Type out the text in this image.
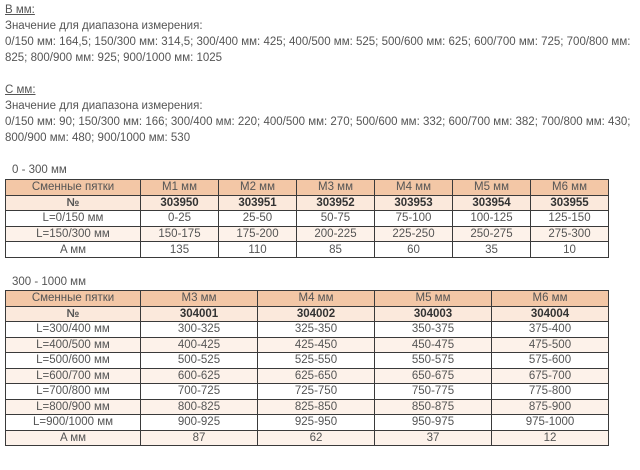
В мм:
Значение для диапазона измерения:
0/150 мм: 164,5; 150/300 мм: 314,5; 300/400 мм: 425; 400/500 мм: 525; 500/600 мм: 625; 600/700 мм: 725; 700/800 мм:
825; 800/900 мм: 925; 900/1000 мм: 1025
С мм:
Значение для диапазона измерения:
0/150 мм: 90; 150/300 мм: 166; 300/400 мм: 220; 400/500 мм: 270; 500/600 мм: 332; 600/700 мм: 382; 700/800 мм: 430;
800/900 мм: 480; 900/1000 мм: 530
0 - 300 мм
Сменные пятки	M1 мм	M2 мм	M3 мм	M4 мм	M5 мм	M6 мм
№	303950	303951	303952	303953	303954	303955
L=0/150 мм	0-25	25-50	50-75	75-100	100-125	125-150
L=150/300 мм	150-175	175-200	200-225	225-250	250-275	275-300
A мм	135	110	85	60	35	10
300 - 1000 мм
Сменные пятки	M3 мм	M4 мм	M5 мм	M6 мм
№	304001	304002	304003	304004
L=300/400 мм	300-325	325-350	350-375	375-400
L=400/500 мм	400-425	425-450	450-475	475-500
L=500/600 мм	500-525	525-550	550-575	575-600
L=600/700 мм	600-625	625-650	650-675	675-700
L=700/800 мм	700-725	725-750	750-775	775-800
L=800/900 мм	800-825	825-850	850-875	875-900
L=900/1000 мм	900-925	925-950	950-975	975-1000
A мм	87	62	37	12
